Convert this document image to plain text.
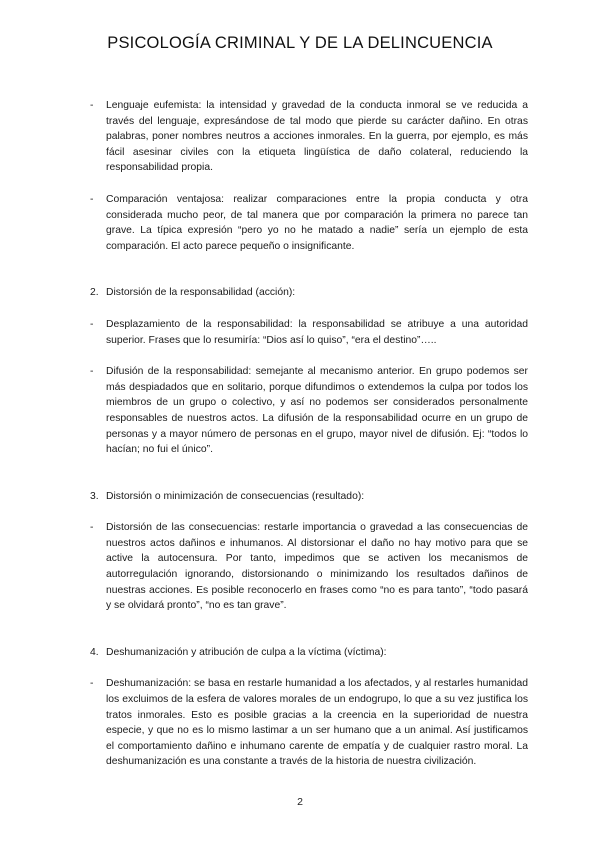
PSICOLOGÍA CRIMINAL Y DE LA DELINCUENCIA
- Lenguaje eufemista: la intensidad y gravedad de la conducta inmoral se ve reducida a través del lenguaje, expresándose de tal modo que pierde su carácter dañino. En otras palabras, poner nombres neutros a acciones inmorales. En la guerra, por ejemplo, es más fácil asesinar civiles con la etiqueta lingüística de daño colateral, reduciendo la responsabilidad propia.
- Comparación ventajosa: realizar comparaciones entre la propia conducta y otra considerada mucho peor, de tal manera que por comparación la primera no parece tan grave. La típica expresión “pero yo no he matado a nadie” sería un ejemplo de esta comparación. El acto parece pequeño o insignificante.
2. Distorsión de la responsabilidad (acción):
- Desplazamiento de la responsabilidad: la responsabilidad se atribuye a una autoridad superior. Frases que lo resumiría: “Dios así lo quiso”, “era el destino”…..
- Difusión de la responsabilidad: semejante al mecanismo anterior. En grupo podemos ser más despiadados que en solitario, porque difundimos o extendemos la culpa por todos los miembros de un grupo o colectivo, y así no podemos ser considerados personalmente responsables de nuestros actos. La difusión de la responsabilidad ocurre en un grupo de personas y a mayor número de personas en el grupo, mayor nivel de difusión. Ej: “todos lo hacían; no fui el único”.
3. Distorsión o minimización de consecuencias (resultado):
- Distorsión de las consecuencias: restarle importancia o gravedad a las consecuencias de nuestros actos dañinos e inhumanos. Al distorsionar el daño no hay motivo para que se active la autocensura. Por tanto, impedimos que se activen los mecanismos de autorregulación ignorando, distorsionando o minimizando los resultados dañinos de nuestras acciones. Es posible reconocerlo en frases como “no es para tanto”, “todo pasará y se olvidará pronto”, “no es tan grave”.
4. Deshumanización y atribución de culpa a la víctima (víctima):
- Deshumanización: se basa en restarle humanidad a los afectados, y al restarles humanidad los excluimos de la esfera de valores morales de un endogrupo, lo que a su vez justifica los tratos inmorales. Esto es posible gracias a la creencia en la superioridad de nuestra especie, y que no es lo mismo lastimar a un ser humano que a un animal. Así justificamos el comportamiento dañino e inhumano carente de empatía y de cualquier rastro moral. La deshumanización es una constante a través de la historia de nuestra civilización.
2
